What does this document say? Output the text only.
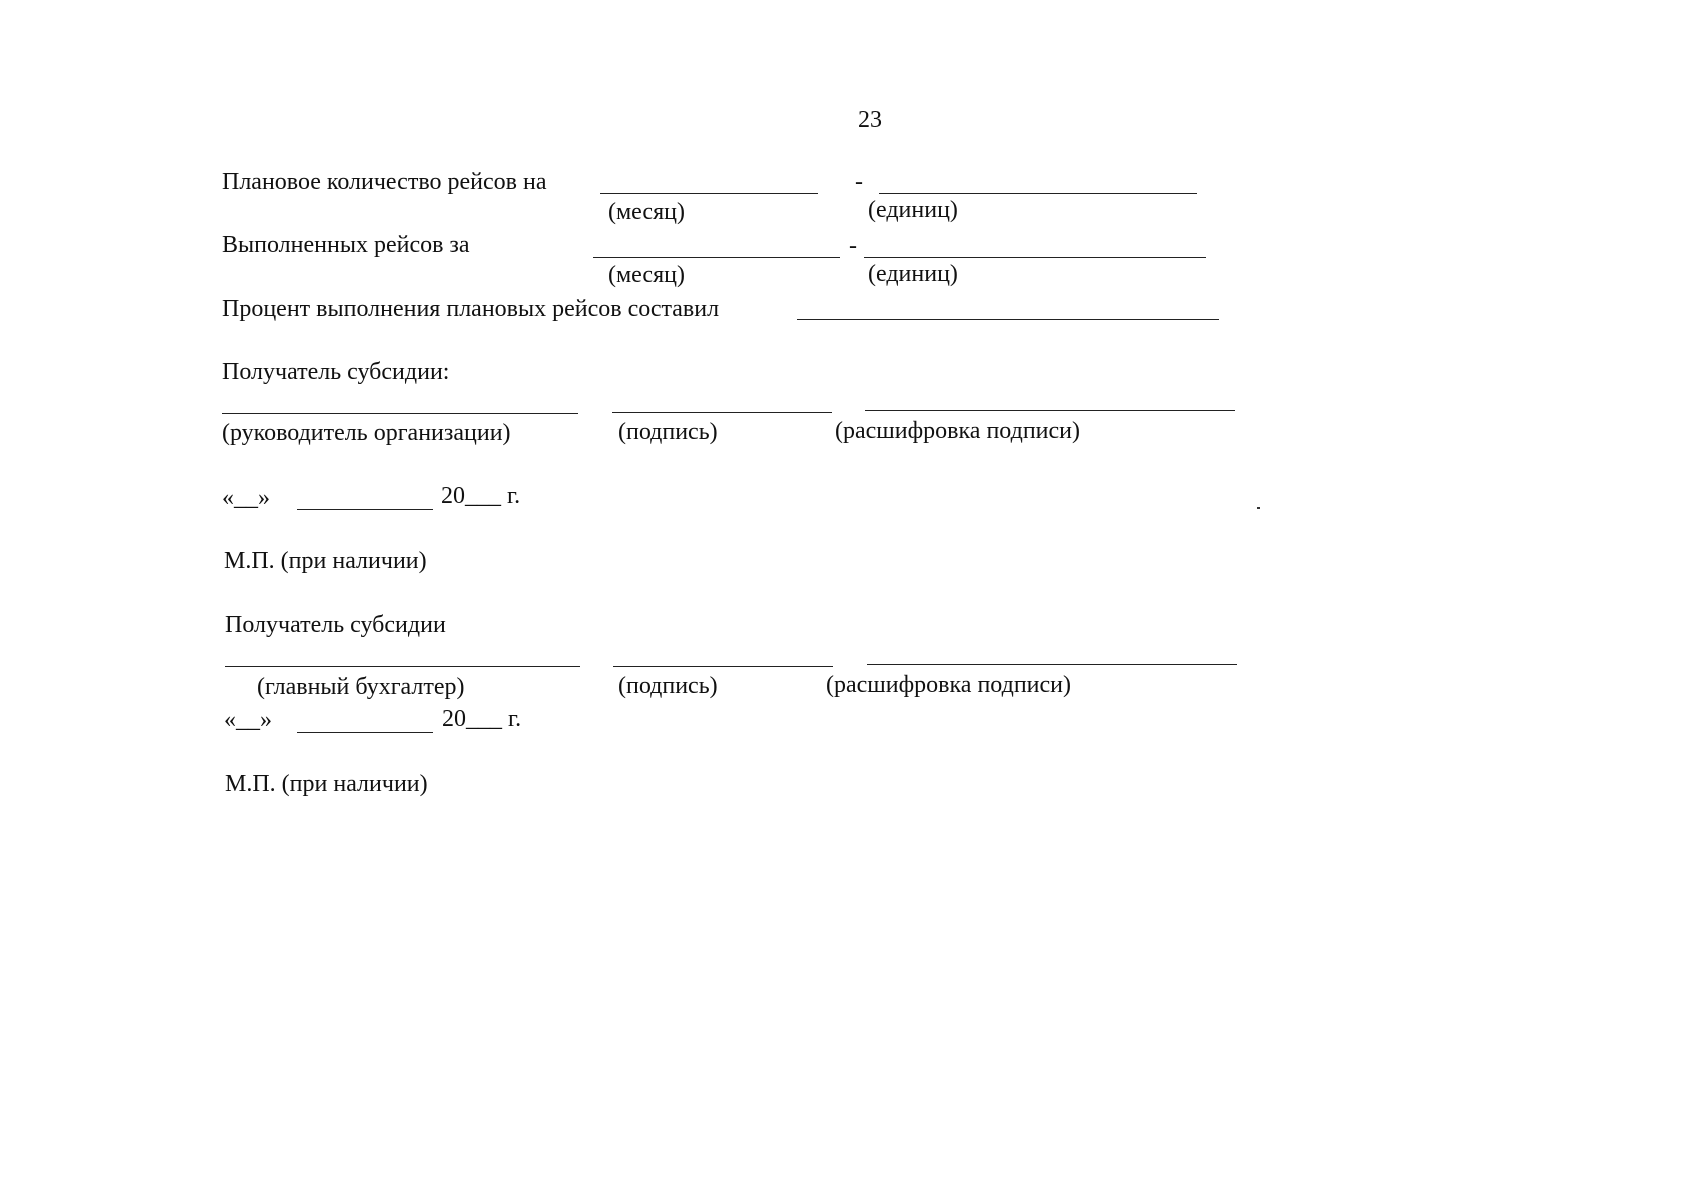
23
Плановое количество рейсов на	-
(месяц)	(единиц)
Выполненных рейсов за	-
(месяц)	(единиц)
Процент выполнения плановых рейсов составил
Получатель субсидии:
(руководитель организации)	(подпись)	(расшифровка подписи)
«__»	20___ г.
М.П. (при наличии)
Получатель субсидии
(главный бухгалтер)	(подпись)	(расшифровка подписи)
«__»	20___ г.
М.П. (при наличии)
